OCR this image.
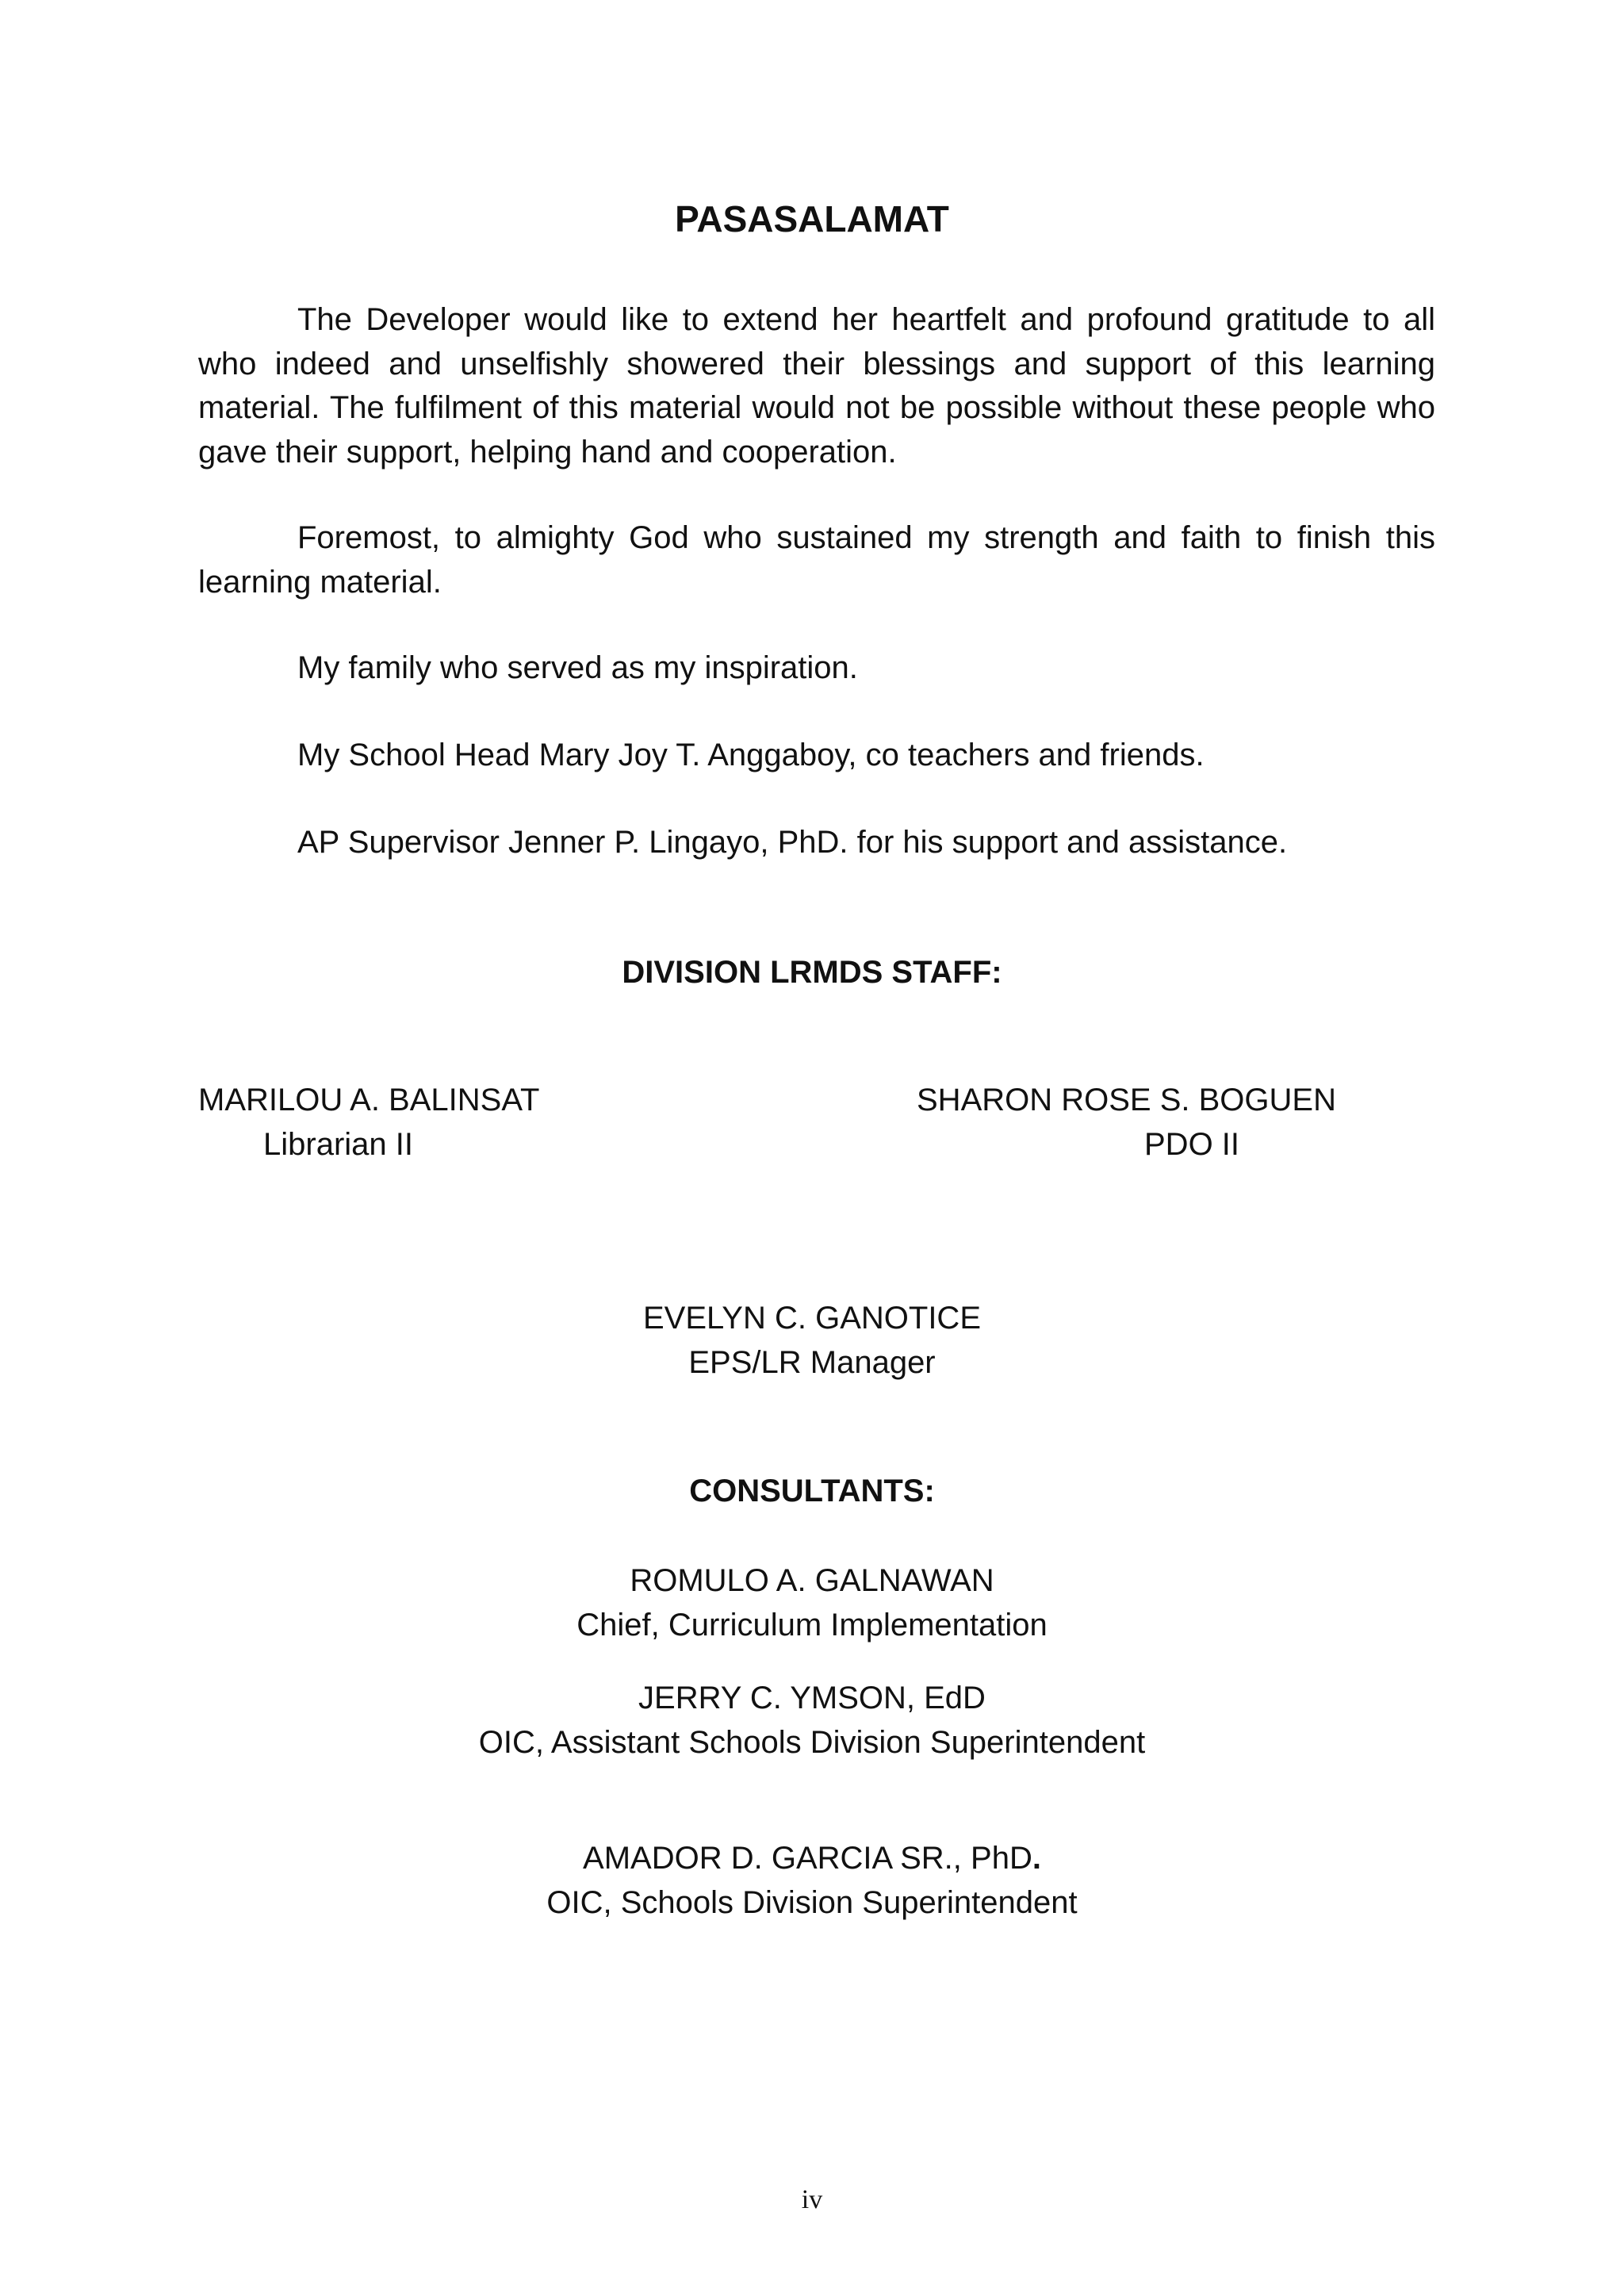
PASASALAMAT

The Developer would like to extend her heartfelt and profound gratitude to all who indeed and unselfishly showered their blessings and support of this learning material. The fulfilment of this material would not be possible without these people who gave their support, helping hand and cooperation.

Foremost, to almighty God who sustained my strength and faith to finish this learning material.

My family who served as my inspiration.

My School Head Mary Joy T. Anggaboy, co teachers and friends.

AP Supervisor Jenner P. Lingayo, PhD. for his support and assistance.

DIVISION LRMDS STAFF:
MARILOU A. BALINSAT
Librarian II
SHARON ROSE S. BOGUEN
PDO II
EVELYN C. GANOTICE
EPS/LR Manager
CONSULTANTS:
ROMULO A. GALNAWAN
Chief, Curriculum Implementation
JERRY C. YMSON, EdD
OIC, Assistant Schools Division Superintendent
AMADOR D. GARCIA SR., PhD.
OIC, Schools Division Superintendent
iv
